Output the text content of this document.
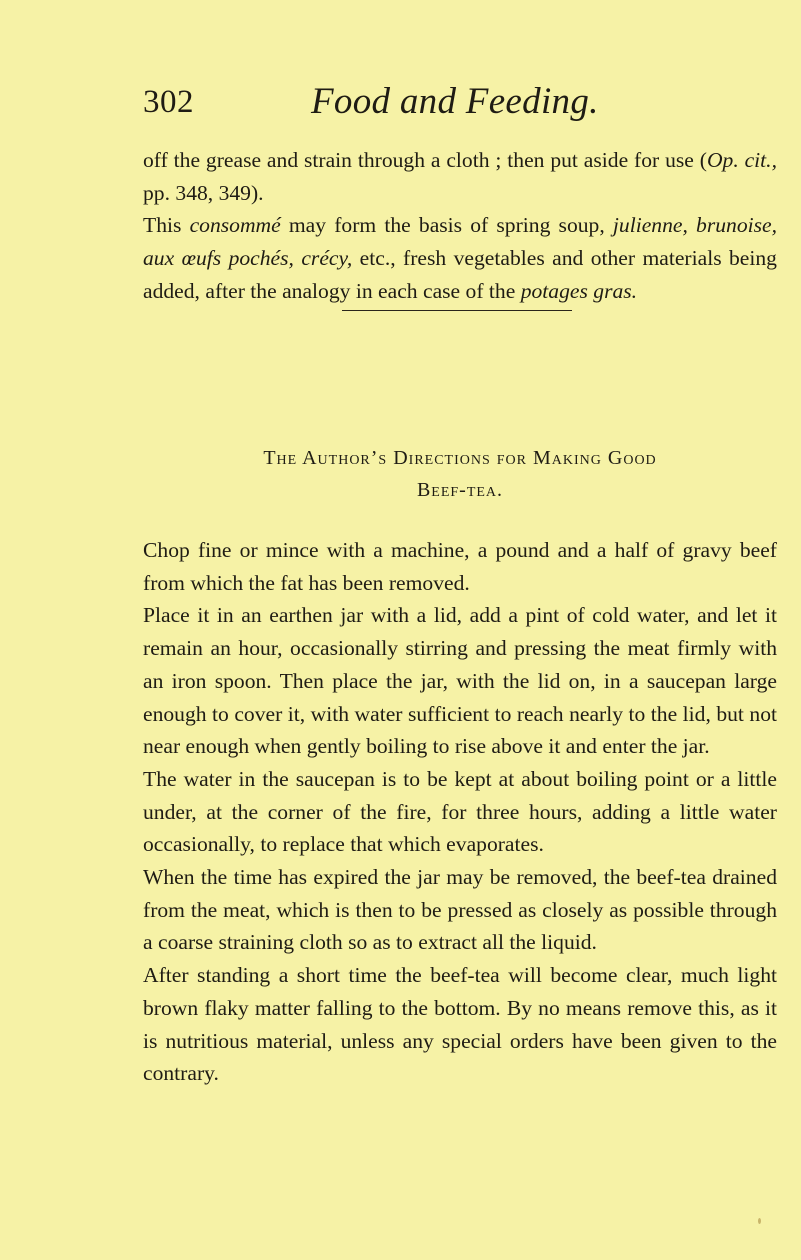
302	Food and Feeding.

off the grease and strain through a cloth ; then put aside for use (Op. cit., pp. 348, 349).

This consommé may form the basis of spring soup, julienne, brunoise, aux œufs pochés, crécy, etc., fresh vegetables and other materials being added, after the analogy in each case of the potages gras.

The Author’s Directions for Making Good
Beef-tea.

Chop fine or mince with a machine, a pound and a half of gravy beef from which the fat has been removed.

Place it in an earthen jar with a lid, add a pint of cold water, and let it remain an hour, occasionally stirring and pressing the meat firmly with an iron spoon. Then place the jar, with the lid on, in a saucepan large enough to cover it, with water sufficient to reach nearly to the lid, but not near enough when gently boiling to rise above it and enter the jar.

The water in the saucepan is to be kept at about boiling point or a little under, at the corner of the fire, for three hours, adding a little water occasionally, to replace that which evaporates.

When the time has expired the jar may be removed, the beef-tea drained from the meat, which is then to be pressed as closely as possible through a coarse straining cloth so as to extract all the liquid.

After standing a short time the beef-tea will become clear, much light brown flaky matter falling to the bottom. By no means remove this, as it is nutritious material, unless any special orders have been given to the contrary.
